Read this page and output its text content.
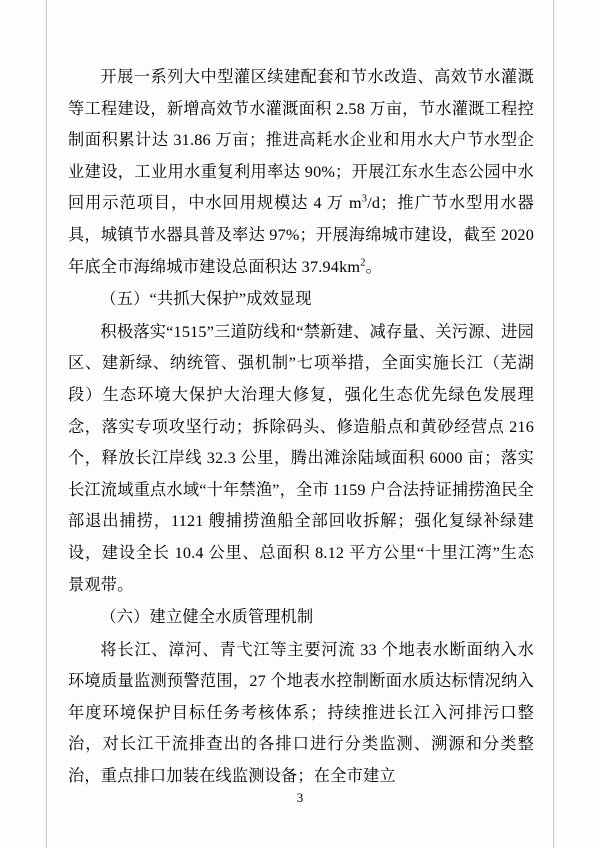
开展一系列大中型灌区续建配套和节水改造、高效节水灌溉等工程建设，新增高效节水灌溉面积 2.58 万亩，节水灌溉工程控制面积累计达 31.86 万亩；推进高耗水企业和用水大户节水型企业建设，工业用水重复利用率达 90%；开展江东水生态公园中水回用示范项目，中水回用规模达 4 万 $m^3/d$；推广节水型用水器具，城镇节水器具普及率达 97%；开展海绵城市建设，截至 2020 年底全市海绵城市建设总面积达 $37.94km^2$。

（五）“共抓大保护”成效显现

积极落实“1515”三道防线和“禁新建、减存量、关污源、进园区、建新绿、纳统管、强机制”七项举措，全面实施长江（芜湖段）生态环境大保护大治理大修复，强化生态优先绿色发展理念，落实专项攻坚行动；拆除码头、修造船点和黄砂经营点 216 个，释放长江岸线 32.3 公里，腾出滩涂陆域面积 6000 亩；落实长江流域重点水域“十年禁渔”，全市 1159 户合法持证捕捞渔民全部退出捕捞，1121 艘捕捞渔船全部回收拆解；强化复绿补绿建设，建设全长 10.4 公里、总面积 8.12 平方公里“十里江湾”生态景观带。

（六）建立健全水质管理机制

将长江、漳河、青弋江等主要河流 33 个地表水断面纳入水环境质量监测预警范围，27 个地表水控制断面水质达标情况纳入年度环境保护目标任务考核体系；持续推进长江入河排污口整治，对长江干流排查出的各排口进行分类监测、溯源和分类整治，重点排口加装在线监测设备；在全市建立

3
